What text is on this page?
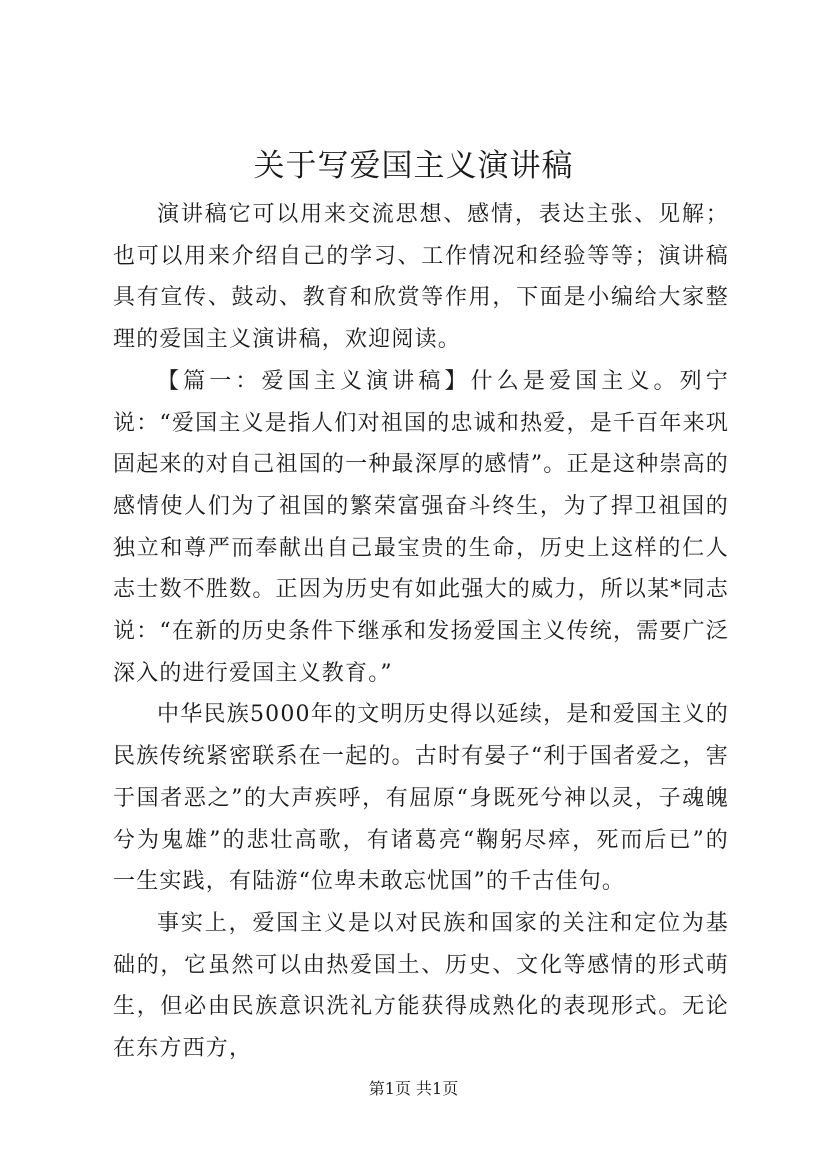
关于写爱国主义演讲稿

演讲稿它可以用来交流思想、感情，表达主张、见解；也可以用来介绍自己的学习、工作情况和经验等等；演讲稿具有宣传、鼓动、教育和欣赏等作用，下面是小编给大家整理的爱国主义演讲稿，欢迎阅读。

【篇一：爱国主义演讲稿】什么是爱国主义。列宁说：“爱国主义是指人们对祖国的忠诚和热爱，是千百年来巩固起来的对自己祖国的一种最深厚的感情”。正是这种崇高的感情使人们为了祖国的繁荣富强奋斗终生，为了捍卫祖国的独立和尊严而奉献出自己最宝贵的生命，历史上这样的仁人志士数不胜数。正因为历史有如此强大的威力，所以某*同志说：“在新的历史条件下继承和发扬爱国主义传统，需要广泛深入的进行爱国主义教育。”

中华民族5000年的文明历史得以延续，是和爱国主义的民族传统紧密联系在一起的。古时有晏子“利于国者爱之，害于国者恶之”的大声疾呼，有屈原“身既死兮神以灵，子魂魄兮为鬼雄”的悲壮高歌，有诸葛亮“鞠躬尽瘁，死而后已”的一生实践，有陆游“位卑未敢忘忧国”的千古佳句。

事实上，爱国主义是以对民族和国家的关注和定位为基础的，它虽然可以由热爱国土、历史、文化等感情的形式萌生，但必由民族意识洗礼方能获得成熟化的表现形式。无论在东方西方，

第1页 共1页
